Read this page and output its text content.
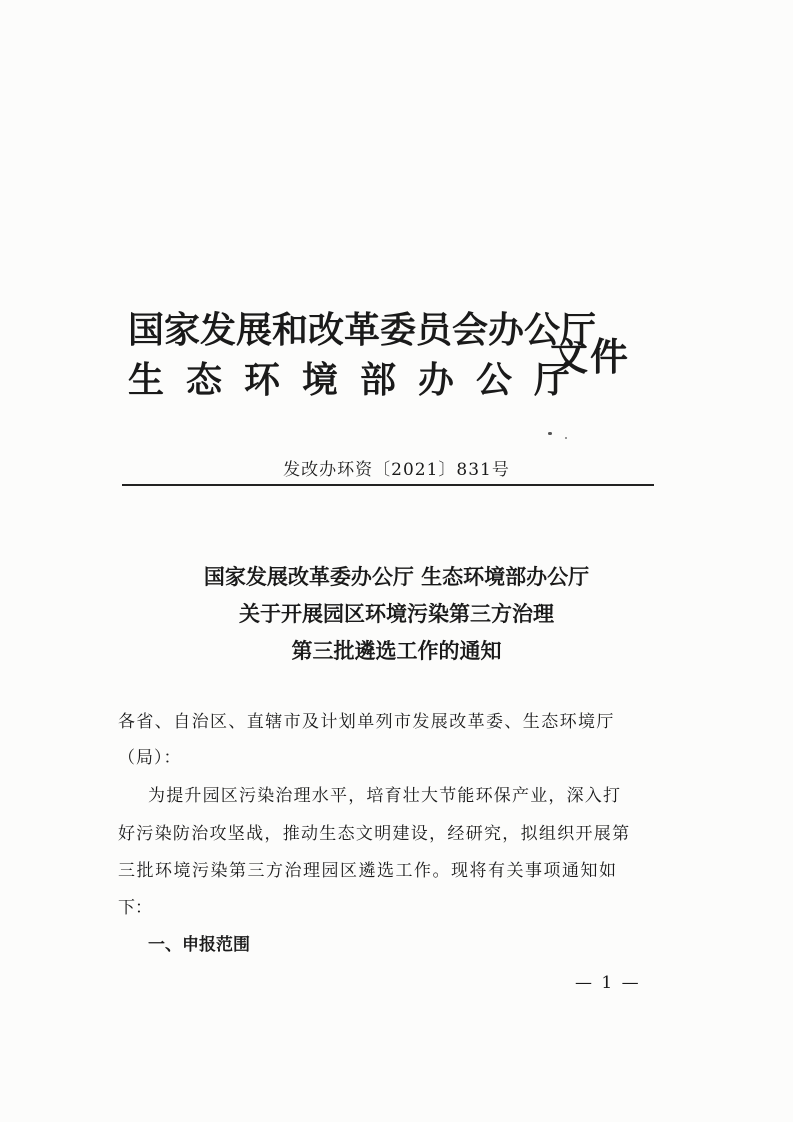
国家发展和改革委员会办公厅
生态环境部办公厅
文件
发改办环资〔2021〕831号
国家发展改革委办公厅 生态环境部办公厅
关于开展园区环境污染第三方治理
第三批遴选工作的通知
各省、自治区、直辖市及计划单列市发展改革委、生态环境厅
（局）：
为提升园区污染治理水平，培育壮大节能环保产业，深入打
好污染防治攻坚战，推动生态文明建设，经研究，拟组织开展第
三批环境污染第三方治理园区遴选工作。现将有关事项通知如
下：
一、申报范围
— 1 —
